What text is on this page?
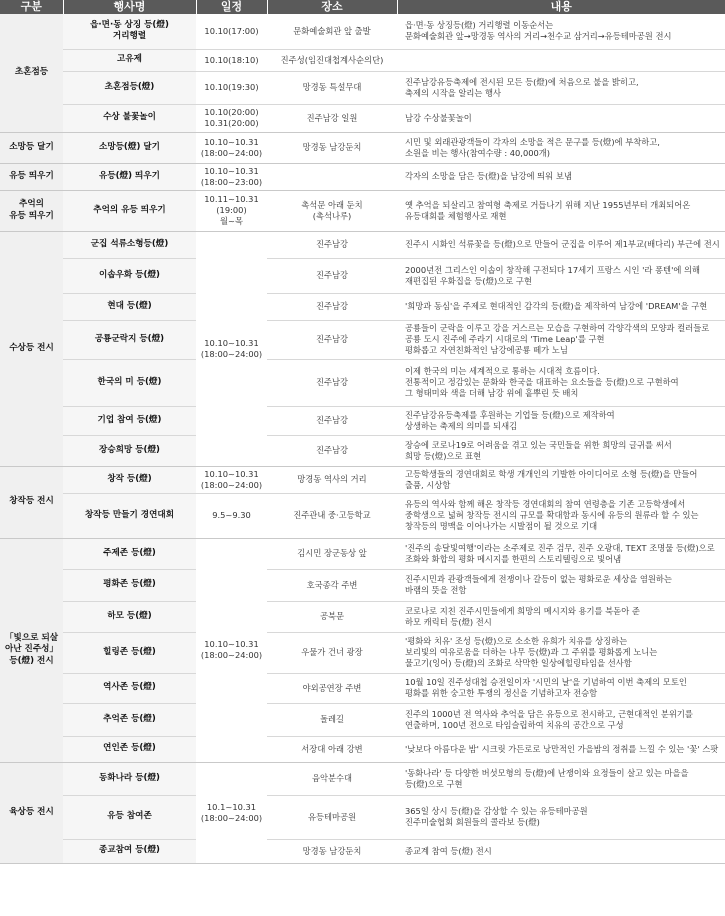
구분	행사명	일정	장소	내용

초혼점등	읍·면·동 상징 등(燈)
거리행렬	10.10(17:00)	문화예술회관 앞 출발	읍·면·동 상징등(燈) 거리행렬 이동순서는
문화예술회관 앞→망경동 역사의 거리→천수교 삼거리→유등테마공원 전시

	고유제	10.10(18:10)	진주성(임진대첩계사순의단)	

	초혼점등(燈)	10.10(19:30)	망경동 특설무대	진주남강유등축제에 전시된 모든 등(燈)에 처음으로 불을 밝히고,
축제의 시작을 알리는 행사

	수상 불꽃놀이	10.10(20:00)
10.31(20:00)	진주남강 일원	남강 수상불꽃놀이

소망등 달기	소망등(燈) 달기	10.10~10.31
(18:00~24:00)	망경동 남강둔치	시민 및 외래관광객들이 각자의 소망을 적은 문구를 등(燈)에 부착하고,
소원을 비는 행사(참여수량 : 40,000개)

유등 띄우기	유등(燈) 띄우기	10.10~10.31
(18:00~23:00)		각자의 소망을 담은 등(燈)을 남강에 띄워 보냄

추억의
유등 띄우기	추억의 유등 띄우기	10.11~10.31
(19:00)
월~목	촉석문 아래 둔치
(촉석나루)	옛 추억을 되살리고 참여형 축제로 거듭나기 위해 지난 1955년부터 개최되어온
유등대회를 체험행사로 재현

수상등 전시	군집 석류소형등(燈)	10.10~10.31
(18:00~24:00)	진주남강	진주시 시화인 석류꽃을 등(燈)으로 만들어 군집을 이루어 제1부교(배다리) 부근에 전시

	이솝우화 등(燈)		진주남강	2000년전 그리스인 이솝이 창작해 구전되다 17세기 프랑스 시인 '라 퐁텐'에 의해
재편집된 우화집을 등(燈)으로 구현

	현대 등(燈)		진주남강	'희망과 동심'을 주제로 현대적인 감각의 등(燈)을 제작하여 남강에 'DREAM'을 구현

	공룡군락지 등(燈)		진주남강	공룡들이 군락을 이루고 강을 거스르는 모습을 구현하여 각양각색의 모양과 컬러들로
공룡 도시 진주에 주라기 시대로의 'Time Leap'를 구현
평화롭고 자연친화적인 남강에공룡 떼가 노님

	한국의 미 등(燈)		진주남강	이제 한국의 미는 세계적으로 통하는 시대적 흐름이다.
전통적이고 정감있는 문화와 한국을 대표하는 요소들을 등(燈)으로 구현하여
그 형태미와 색을 더해 남강 위에 흩뿌린 듯 배치

	기업 참여 등(燈)		진주남강	진주남강유등축제를 후원하는 기업들 등(燈)으로 제작하여
상생하는 축제의 의미를 되새김

	장승희망 등(燈)		진주남강	장승에 코로나19로 어려움을 겪고 있는 국민들을 위한 희망의 글귀를 써서
희망 등(燈)으로 표현

창작등 전시	창작 등(燈)	10.10~10.31
(18:00~24:00)	망경동 역사의 거리	고등학생들의 경연대회로 학생 개개인의 기발한 아이디어로 소형 등(燈)을 만들어
출품, 시상함

	창작등 만들기 경연대회	9.5~9.30	진주관내 중·고등학교	유등의 역사와 함께 해온 창작등 경연대회의 참여 연령층을 기존 고등학생에서
중학생으로 넓혀 창작등 전시의 규모를 확대함과 동시에 유등의 원류라 할 수 있는
창작등의 명맥을 이어나가는 시발점이 될 것으로 기대

「빛으로 되살
아난 진주성」
등(燈) 전시	주제존 등(燈)	10.10~10.31
(18:00~24:00)	김시민 장군동상 앞	'진주의 송달빛여행'이라는 소주제로 진주 검무, 진주 오광대, TEXT 조명물 등(燈)으로
조화와 화합의 평화 메시지를 한편의 스토리텔링으로 빛어냄

	평화존 등(燈)		호국종각 주변	진주시민과 관광객들에게 전쟁이나 갈등이 없는 평화로운 세상을 염원하는
바램의 뜻을 전함

	하모 등(燈)		공북문	코로나로 지친 진주시민들에게 희망의 메시지와 용기를 북돋아 준
하모 캐릭터 등(燈) 전시

	힐링존 등(燈)		우물가 건너 광장	'평화와 치유' 조성 등(燈)으로 소소한 유희가 치유를 상징하는
보리빛의 여유로움을 더하는 나무 등(燈)과 그 주위를 평화롭게 노니는
물고기(잉어) 등(燈)의 조화로 삭막한 일상에힐링타임을 선사함

	역사존 등(燈)		야외공연장 주변	10월 10일 진주성대첩 승전일이자 '시민의 날'을 기념하여 이번 축제의 모토인
평화를 위한 숭고한 투쟁의 정신을 기념하고자 전승함

	추억존 등(燈)		돌레길	진주의 1000년 전 역사와 추억을 담은 유등으로 전시하고, 근현대적인 분위기를
연출하며, 100년 전으로 타임슬립하여 치유의 공간으로 구성

	연인존 등(燈)		서장대 아래 강변	'낮보다 아름다운 밤' 시크릿 가든로로 낭만적인 가을밤의 정취를 느낄 수 있는 '꽃' 스팟

육상등 전시	동화나라 등(燈)	10.1~10.31
(18:00~24:00)	음악분수대	'동화나라' 등 다양한 버섯모형의 등(燈)에 난쟁이와 요정들이 살고 있는 마을을
등(燈)으로 구현

	유등 참여존		유등테마공원	365일 상시 등(燈)을 감상할 수 있는 유등테마공원
진주미술협회 회원들의 콜라보 등(燈)

	종교참여 등(燈)		망경동 남강둔치	종교계 참여 등(燈) 전시
